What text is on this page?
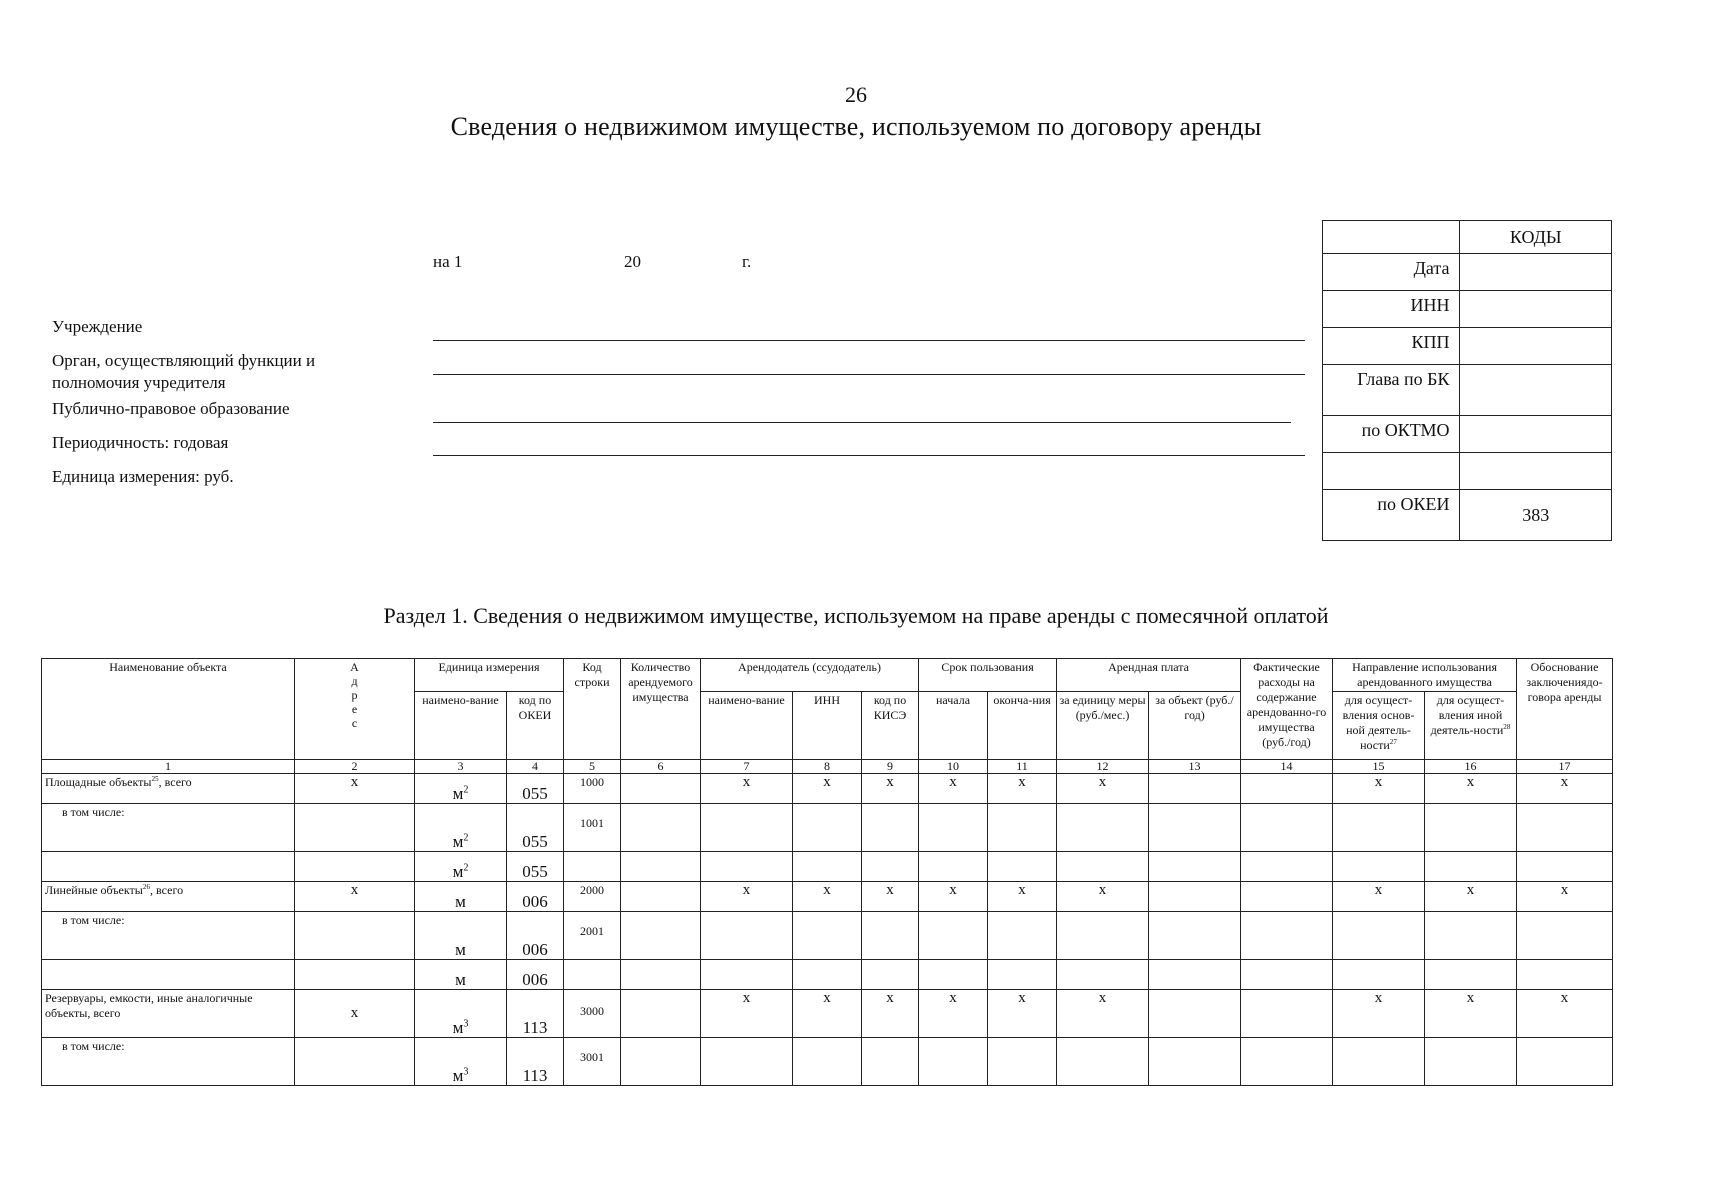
26
Сведения о недвижимом имуществе, используемом по договору аренды
на 1	20	г.
Учреждение
Орган, осуществляющий функции и
полномочия учредителя
Публично-правовое образование
Периодичность: годовая
Единица измерения: руб.
	КОДЫ
Дата	
ИНН	
КПП	
Глава по БК	
по ОКТМО	

по ОКЕИ	383
Раздел 1. Сведения о недвижимом имуществе, используемом на праве аренды с помесячной оплатой
Наименование объекта	Адрес	Единица измерения		Код строки	Количество арендуемого имущества	Арендодатель (ссудодатель)			Срок пользования		Арендная плата		Фактические расходы на содержание арендованно-го имущества (руб./год)	Направление использования арендованного имущества		Обоснование заключениядо-говора аренды
		наимено-вание	код по ОКЕИ			наимено-вание	ИНН	код по КИСЭ	начала	оконча-ния	за единицу меры (руб./мес.)	за объект (руб./год)		для осущест-вления основ-ной деятель-ности$^{27}$	для осущест-вления иной деятель-ности$^{28}$
1	2	3	4	5	6	7	8	9	10	11	12	13	14	15	16	17
Площадные объекты$^{25}$, всего	x	$м^2$	055	1000		x	x	x	x	x	x			x	x	x
в том числе:		$м^2$	055	1001												
		$м^2$	055													
Линейные объекты$^{26}$, всего	x	м	006	2000		x	x	x	x	x	x			x	x	x
в том числе:		м	006	2001												
		м	006													
Резервуары, емкости, иные аналогичные объекты, всего	x	$м^3$	113	3000		x	x	x	x	x	x			x	x	x
в том числе:		$м^3$	113	3001												
